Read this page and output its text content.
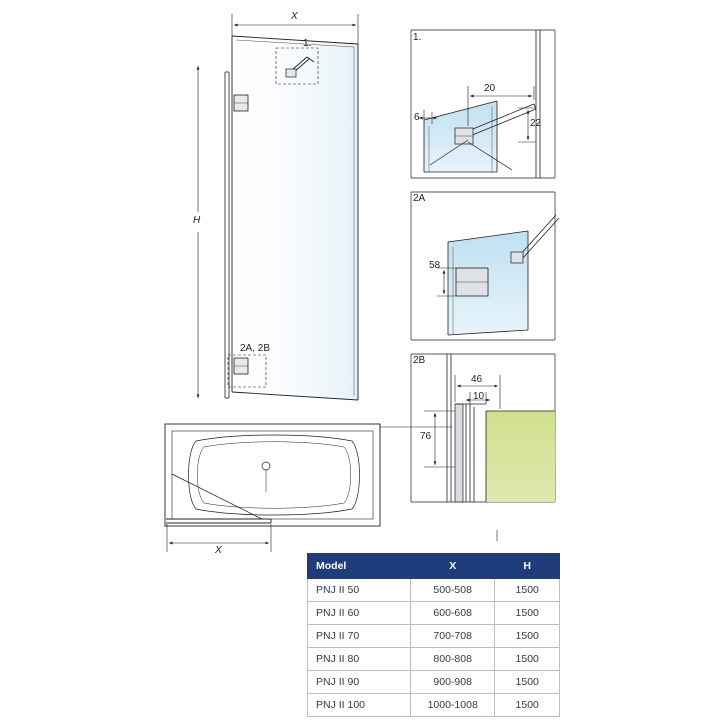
X
H
1.
2A, 2B
X
1.
20
6
22
2A
58
2B
46
10
76
Model	X	H
PNJ II 50	500-508	1500
PNJ II 60	600-608	1500
PNJ II 70	700-708	1500
PNJ II 80	800-808	1500
PNJ II 90	900-908	1500
PNJ II 100	1000-1008	1500
